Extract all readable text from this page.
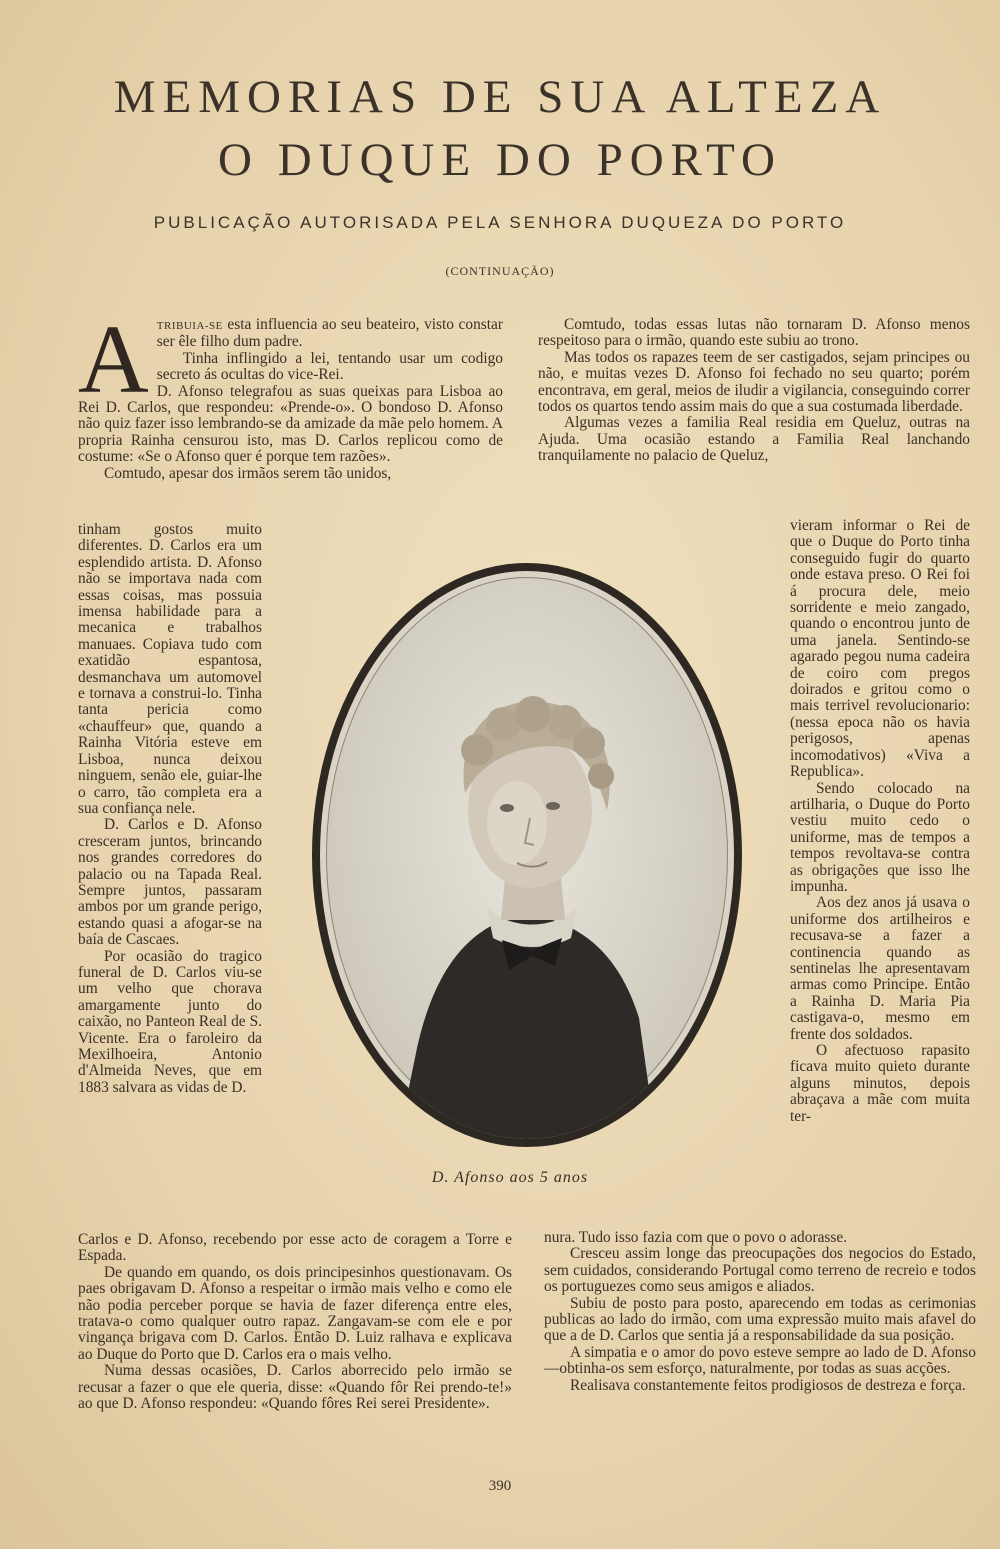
MEMORIAS DE SUA ALTEZA
O DUQUE DO PORTO
PUBLICAÇÃO AUTORISADA PELA SENHORA DUQUEZA DO PORTO
(CONTINUAÇÃO)

ATRIBUIA-SE esta influencia ao seu beateiro, visto constar ser êle filho dum padre.

Tinha inflingido a lei, tentando usar um codigo secreto ás ocultas do vice-Rei.

D. Afonso telegrafou as suas queixas para Lisboa ao Rei D. Carlos, que respondeu: «Prende-o». O bondoso D. Afonso não quiz fazer isso lembrando-se da amizade da mãe pelo homem. A propria Rainha censurou isto, mas D. Carlos replicou como de costume: «Se o Afonso quer é porque tem razões».

Comtudo, apesar dos irmãos serem tão unidos,

tinham gostos muito diferentes. D. Carlos era um esplendido artista. D. Afonso não se importava nada com essas coisas, mas possuia imensa habilidade para a mecanica e trabalhos manuaes. Copiava tudo com exatidão espantosa, desmanchava um automovel e tornava a construi-lo. Tinha tanta pericia como «chauffeur» que, quando a Rainha Vitória esteve em Lisboa, nunca deixou ninguem, senão ele, guiar-lhe o carro, tão completa era a sua confiança nele.

D. Carlos e D. Afonso cresceram juntos, brincando nos grandes corredores do palacio ou na Tapada Real. Sempre juntos, passaram ambos por um grande perigo, estando quasi a afogar-se na baía de Cascaes.

Por ocasião do tragico funeral de D. Carlos viu-se um velho que chorava amargamente junto do caixão, no Panteon Real de S. Vicente. Era o faroleiro da Mexilhoeira, Antonio d'Almeida Neves, que em 1883 salvara as vidas de D.

Carlos e D. Afonso, recebendo por esse acto de coragem a Torre e Espada.

De quando em quando, os dois principesinhos questionavam. Os paes obrigavam D. Afonso a respeitar o irmão mais velho e como ele não podia perceber porque se havia de fazer diferença entre eles, tratava-o como qualquer outro rapaz. Zangavam-se com ele e por vingança brigava com D. Carlos. Então D. Luiz ralhava e explicava ao Duque do Porto que D. Carlos era o mais velho.

Numa dessas ocasiões, D. Carlos aborrecido pelo irmão se recusar a fazer o que ele queria, disse: «Quando fôr Rei prendo-te!» ao que D. Afonso respondeu: «Quando fôres Rei serei Presidente».

Comtudo, todas essas lutas não tornaram D. Afonso menos respeitoso para o irmão, quando este subiu ao trono.

Mas todos os rapazes teem de ser castigados, sejam principes ou não, e muitas vezes D. Afonso foi fechado no seu quarto; porém encontrava, em geral, meios de iludir a vigilancia, conseguindo correr todos os quartos tendo assim mais do que a sua costumada liberdade.

Algumas vezes a familia Real residia em Queluz, outras na Ajuda. Uma ocasião estando a Familia Real lanchando tranquilamente no palacio de Queluz,

vieram informar o Rei de que o Duque do Porto tinha conseguido fugir do quarto onde estava preso. O Rei foi á procura dele, meio sorridente e meio zangado, quando o encontrou junto de uma janela. Sentindo-se agarado pegou numa cadeira de coiro com pregos doirados e gritou como o mais terrivel revolucionario: (nessa epoca não os havia perigosos, apenas incomodativos) «Viva a Republica».

Sendo colocado na artilharia, o Duque do Porto vestiu muito cedo o uniforme, mas de tempos a tempos revoltava-se contra as obrigações que isso lhe impunha.

Aos dez anos já usava o uniforme dos artilheiros e recusava-se a fazer a continencia quando as sentinelas lhe apresentavam armas como Principe. Então a Rainha D. Maria Pia castigava-o, mesmo em frente dos soldados.

O afectuoso rapasito ficava muito quieto durante alguns minutos, depois abraçava a mãe com muita ter-

nura. Tudo isso fazia com que o povo o adorasse.

Cresceu assim longe das preocupações dos negocios do Estado, sem cuidados, considerando Portugal como terreno de recreio e todos os portuguezes como seus amigos e aliados.

Subiu de posto para posto, aparecendo em todas as cerimonias publicas ao lado do irmão, com uma expressão muito mais afavel do que a de D. Carlos que sentia já a responsabilidade da sua posição.

A simpatia e o amor do povo esteve sempre ao lado de D. Afonso—obtinha-os sem esforço, naturalmente, por todas as suas acções.

Realisava constantemente feitos prodigiosos de destreza e força.

D. Afonso aos 5 anos
390
